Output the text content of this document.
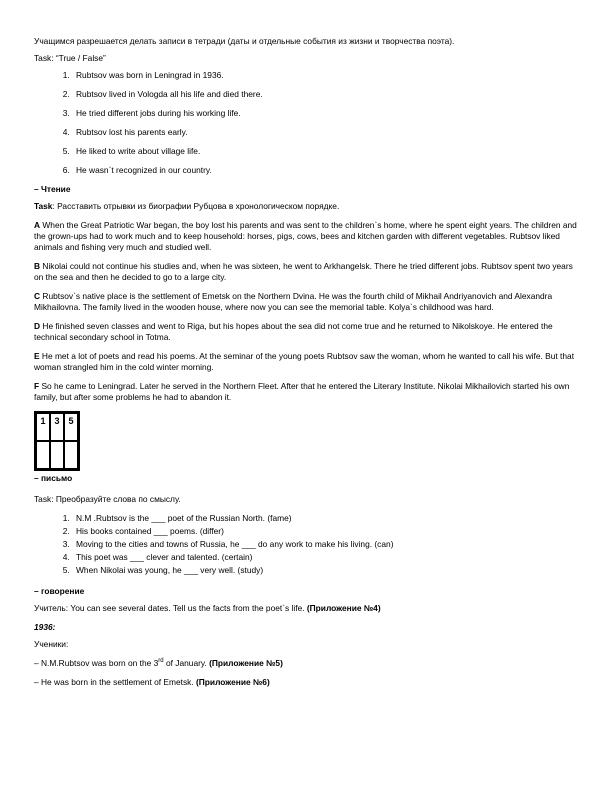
Учащимся разрешается делать записи в тетради (даты и отдельные события из жизни и творчества поэта).

Task: “True / False”

1. Rubtsov was born in Leningrad in 1936.
2. Rubtsov lived in Vologda all his life and died there.
3. He tried different jobs during his working life.
4. Rubtsov lost his parents early.
5. He liked to write about village life.
6. He wasn`t recognized in our country.

– Чтение

Task: Расставить отрывки из биографии Рубцова в хронологическом порядке.

A When the Great Patriotic War began, the boy lost his parents and was sent to the children`s home, where he spent eight years. The children and the grown-ups had to work much and to keep household: horses, pigs, cows, bees and kitchen garden with different vegetables. Rubtsov liked animals and fishing very much and studied well.

B Nikolai could not continue his studies and, when he was sixteen, he went to Arkhangelsk. There he tried different jobs. Rubtsov spent two years on the sea and then he decided to go to a large city.

C Rubtsov`s native place is the settlement of Emetsk on the Northern Dvina. He was the fourth child of Mikhail Andriyanovich and Alexandra Mikhailovna. The family lived in the wooden house, where now you can see the memorial table. Kolya`s childhood was hard.

D He finished seven classes and went to Riga, but his hopes about the sea did not come true and he returned to Nikolskoye. He entered the technical secondary school in Totma.

E He met a lot of poets and read his poems. At the seminar of the young poets Rubtsov saw the woman, whom he wanted to call his wife. But that woman strangled him in the cold winter morning.

F So he came to Leningrad. Later he served in the Northern Fleet. After that he entered the Literary Institute. Nikolai Mikhailovich started his own family, but after some problems he had to abandon it.

1 3 5

– письмо

Task: Преобразуйте слова по смыслу.

1. N.M .Rubtsov is the ___ poet of the Russian North. (fame)
2. His books contained ___ poems. (differ)
3. Moving to the cities and towns of Russia, he ___ do any work to make his living. (can)
4. This poet was ___ clever and talented. (certain)
5. When Nikolai was young, he ___ very well. (study)

– говорение

Учитель: You can see several dates. Tell us the facts from the poet`s life. (Приложение №4)

1936:

Ученики:

– N.M.Rubtsov was born on the 3rd of January. (Приложение №5)

– He was born in the settlement of Emetsk. (Приложение №6)
